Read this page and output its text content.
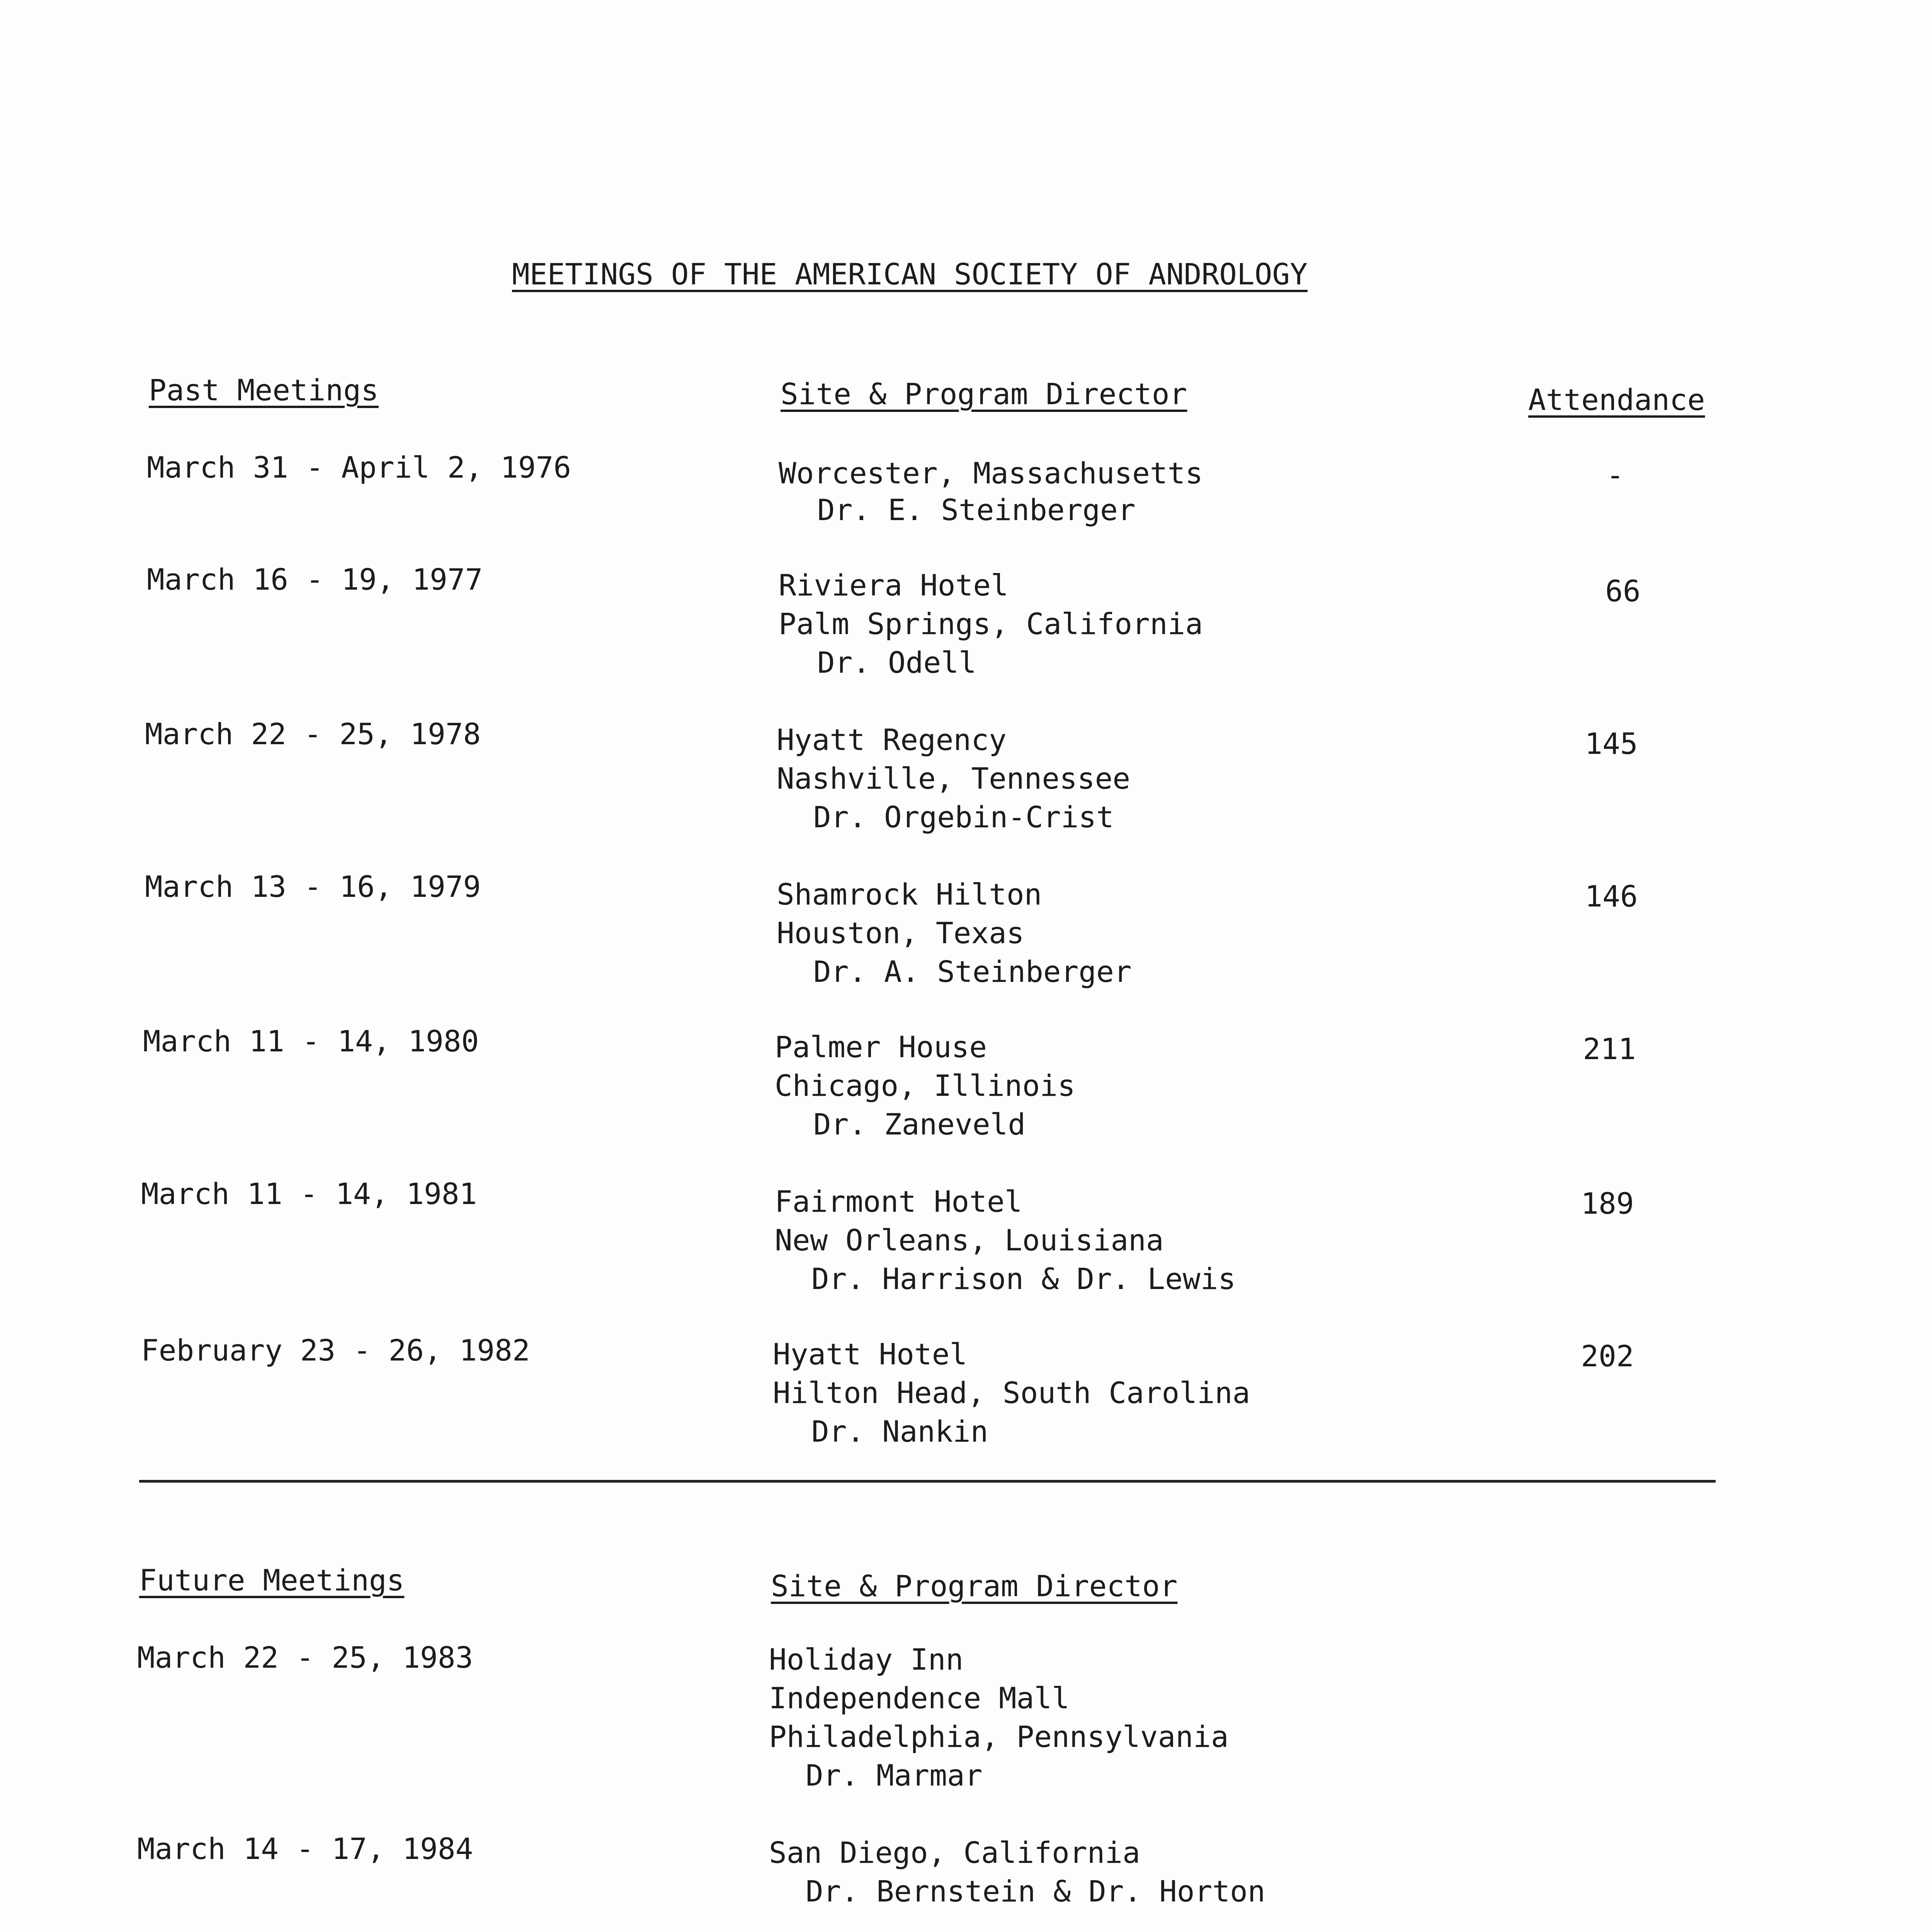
MEETINGS OF THE AMERICAN SOCIETY OF ANDROLOGY
Past Meetings	Site & Program Director	Attendance
March 31 - April 2, 1976	Worcester, Massachusetts
Dr. E. Steinberger
-
March 16 - 19, 1977	Riviera Hotel
Palm Springs, California
Dr. Odell
66
March 22 - 25, 1978	Hyatt Regency
Nashville, Tennessee
Dr. Orgebin-Crist
145
March 13 - 16, 1979	Shamrock Hilton
Houston, Texas
Dr. A. Steinberger
146
March 11 - 14, 1980	Palmer House
Chicago, Illinois
Dr. Zaneveld
211
March 11 - 14, 1981	Fairmont Hotel
New Orleans, Louisiana
Dr. Harrison & Dr. Lewis
189
February 23 - 26, 1982	Hyatt Hotel
Hilton Head, South Carolina
Dr. Nankin
202
Future Meetings	Site & Program Director
March 22 - 25, 1983	Holiday Inn
Independence Mall
Philadelphia, Pennsylvania
Dr. Marmar
March 14 - 17, 1984	San Diego, California
Dr. Bernstein & Dr. Horton
